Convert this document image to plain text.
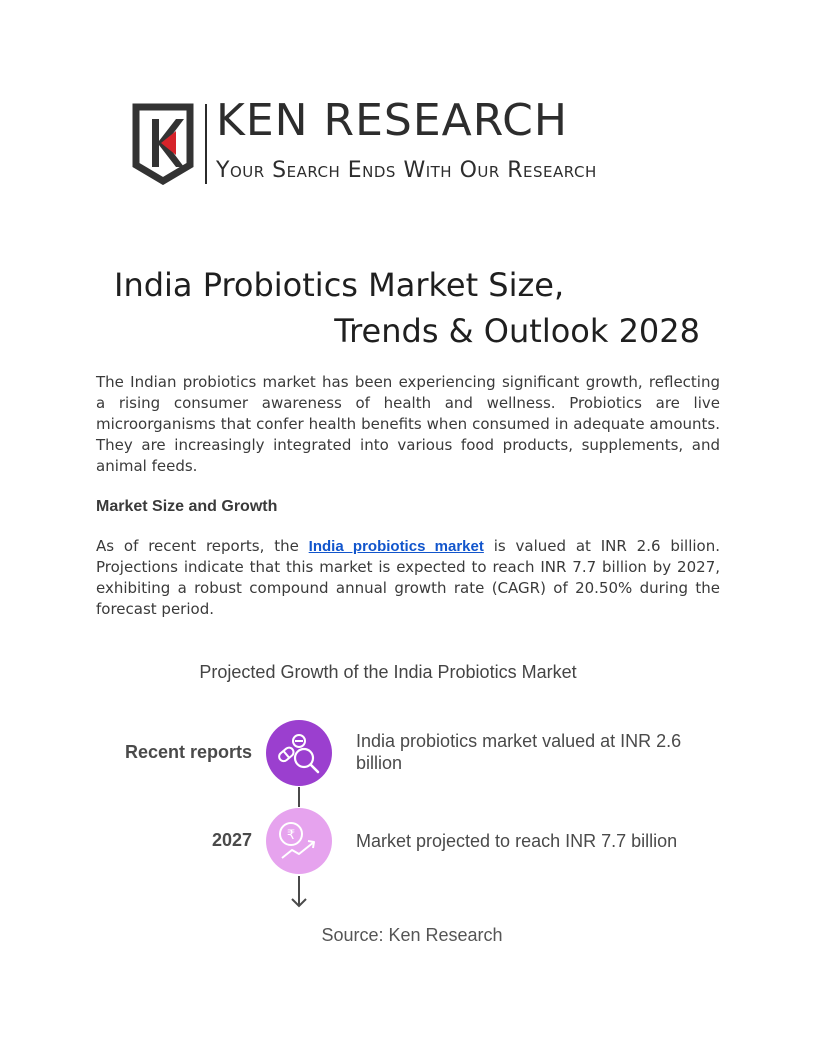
KEN RESEARCH
Your Search Ends With Our Research
India Probiotics Market Size,
Trends & Outlook 2028

The Indian probiotics market has been experiencing significant growth, reflecting a rising consumer awareness of health and wellness. Probiotics are live microorganisms that confer health benefits when consumed in adequate amounts. They are increasingly integrated into various food products, supplements, and animal feeds.

Market Size and Growth

As of recent reports, the India probiotics market is valued at INR 2.6 billion. Projections indicate that this market is expected to reach INR 7.7 billion by 2027, exhibiting a robust compound annual growth rate (CAGR) of 20.50% during the forecast period.

Projected Growth of the India Probiotics Market
Recent reports
India probiotics market valued at INR 2.6 billion
2027	₹	Market projected to reach INR 7.7 billion
Source: Ken Research
